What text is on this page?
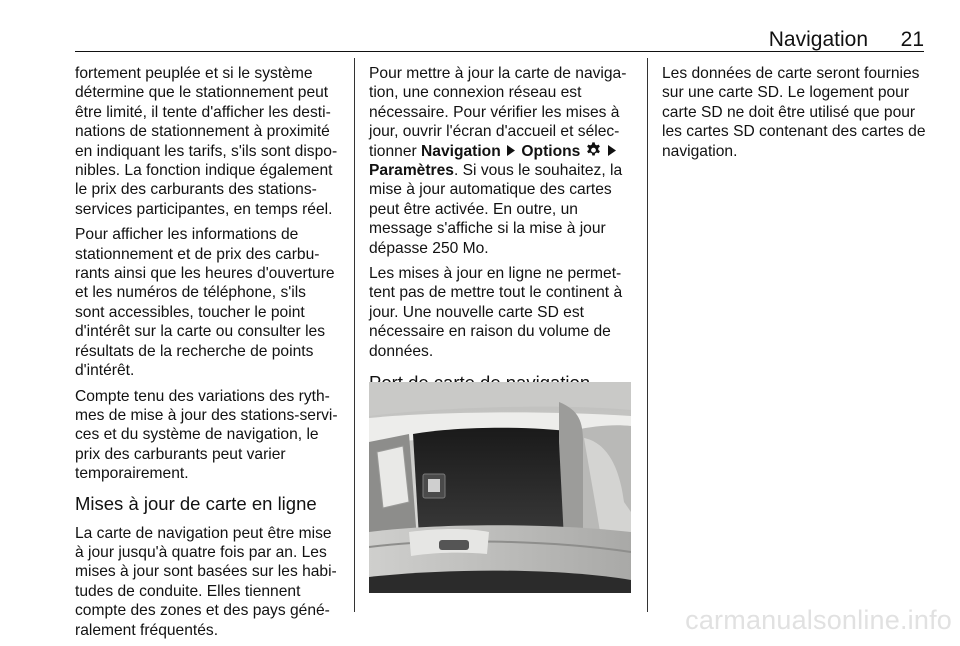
Navigation 21

fortement peuplée et si le système
détermine que le stationnement peut
être limité, il tente d'afficher les desti-
nations de stationnement à proximité
en indiquant les tarifs, s'ils sont dispo-
nibles. La fonction indique également
le prix des carburants des stations-
services participantes, en temps réel.

Pour afficher les informations de
stationnement et de prix des carbu-
rants ainsi que les heures d'ouverture
et les numéros de téléphone, s'ils
sont accessibles, toucher le point
d'intérêt sur la carte ou consulter les
résultats de la recherche de points
d'intérêt.

Compte tenu des variations des ryth-
mes de mise à jour des stations-servi-
ces et du système de navigation, le
prix des carburants peut varier
temporairement.

Mises à jour de carte en ligne

La carte de navigation peut être mise
à jour jusqu'à quatre fois par an. Les
mises à jour sont basées sur les habi-
tudes de conduite. Elles tiennent
compte des zones et des pays géné-
ralement fréquentés.

Pour mettre à jour la carte de naviga-
tion, une connexion réseau est
nécessaire. Pour vérifier les mises à
jour, ouvrir l'écran d'accueil et sélec-
tionner Navigation Options
Paramètres. Si vous le souhaitez, la
mise à jour automatique des cartes
peut être activée. En outre, un
message s'affiche si la mise à jour
dépasse 250 Mo.

Les mises à jour en ligne ne permet-
tent pas de mettre tout le continent à
jour. Une nouvelle carte SD est
nécessaire en raison du volume de
données.

Les données de carte seront fournies
sur une carte SD. Le logement pour
carte SD ne doit être utilisé que pour
les cartes SD contenant des cartes de
navigation.

carmanualsonline.info
